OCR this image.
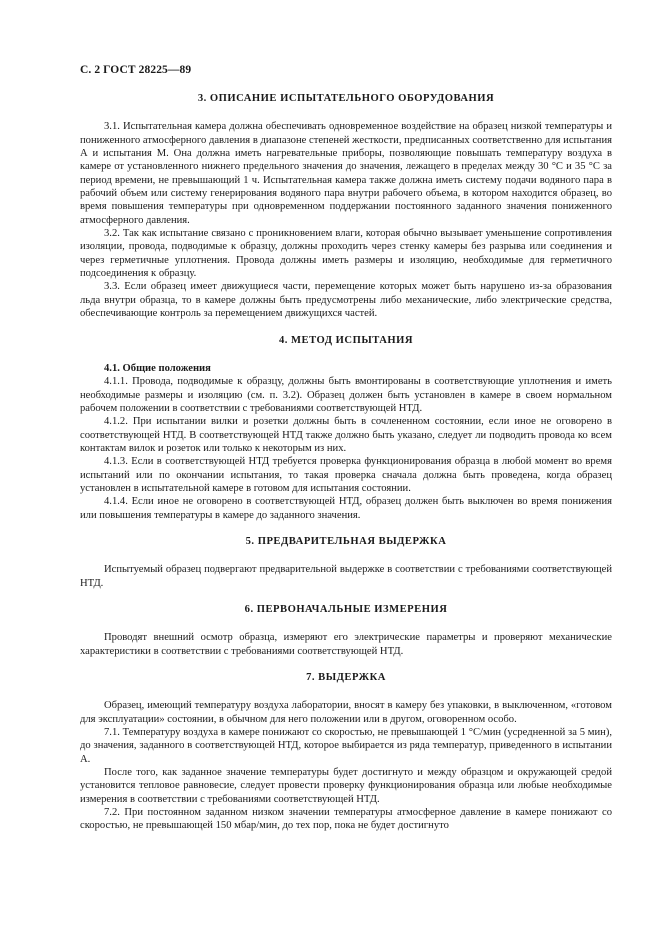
С. 2 ГОСТ 28225—89
3. ОПИСАНИЕ ИСПЫТАТЕЛЬНОГО ОБОРУДОВАНИЯ

3.1. Испытательная камера должна обеспечивать одновременное воздействие на образец низкой температуры и пониженного атмосферного давления в диапазоне степеней жесткости, предписанных соответственно для испытания А и испытания М. Она должна иметь нагревательные приборы, позволяющие повышать температуру воздуха в камере от установленного нижнего предельного значения до значения, лежащего в пределах между 30 °С и 35 °С за период времени, не превышающий 1 ч. Испытательная камера также должна иметь систему подачи водяного пара в рабочий объем или систему генерирования водяного пара внутри рабочего объема, в котором находится образец, во время повышения температуры при одновременном поддержании постоянного заданного значения пониженного атмосферного давления.

3.2. Так как испытание связано с проникновением влаги, которая обычно вызывает уменьшение сопротивления изоляции, провода, подводимые к образцу, должны проходить через стенку камеры без разрыва или соединения и через герметичные уплотнения. Провода должны иметь размеры и изоляцию, необходимые для герметичного подсоединения к образцу.

3.3. Если образец имеет движущиеся части, перемещение которых может быть нарушено из-за образования льда внутри образца, то в камере должны быть предусмотрены либо механические, либо электрические средства, обеспечивающие контроль за перемещением движущихся частей.

4. МЕТОД ИСПЫТАНИЯ

4.1. Общие положения

4.1.1. Провода, подводимые к образцу, должны быть вмонтированы в соответствующие уплотнения и иметь необходимые размеры и изоляцию (см. п. 3.2). Образец должен быть установлен в камере в своем нормальном рабочем положении в соответствии с требованиями соответствующей НТД.

4.1.2. При испытании вилки и розетки должны быть в сочлененном состоянии, если иное не оговорено в соответствующей НТД. В соответствующей НТД также должно быть указано, следует ли подводить провода ко всем контактам вилок и розеток или только к некоторым из них.

4.1.3. Если в соответствующей НТД требуется проверка функционирования образца в любой момент во время испытаний или по окончании испытания, то такая проверка сначала должна быть проведена, когда образец установлен в испытательной камере в готовом для испытания состоянии.

4.1.4. Если иное не оговорено в соответствующей НТД, образец должен быть выключен во время понижения или повышения температуры в камере до заданного значения.

5. ПРЕДВАРИТЕЛЬНАЯ ВЫДЕРЖКА

Испытуемый образец подвергают предварительной выдержке в соответствии с требованиями соответствующей НТД.

6. ПЕРВОНАЧАЛЬНЫЕ ИЗМЕРЕНИЯ

Проводят внешний осмотр образца, измеряют его электрические параметры и проверяют механические характеристики в соответствии с требованиями соответствующей НТД.

7. ВЫДЕРЖКА

Образец, имеющий температуру воздуха лаборатории, вносят в камеру без упаковки, в выключенном, «готовом для эксплуатации» состоянии, в обычном для него положении или в другом, оговоренном особо.

7.1. Температуру воздуха в камере понижают со скоростью, не превышающей 1 °С/мин (усредненной за 5 мин), до значения, заданного в соответствующей НТД, которое выбирается из ряда температур, приведенного в испытании А.

После того, как заданное значение температуры будет достигнуто и между образцом и окружающей средой установится тепловое равновесие, следует провести проверку функционирования образца или любые необходимые измерения в соответствии с требованиями соответствующей НТД.

7.2. При постоянном заданном низком значении температуры атмосферное давление в камере понижают со скоростью, не превышающей 150 мбар/мин, до тех пор, пока не будет достигнуто
